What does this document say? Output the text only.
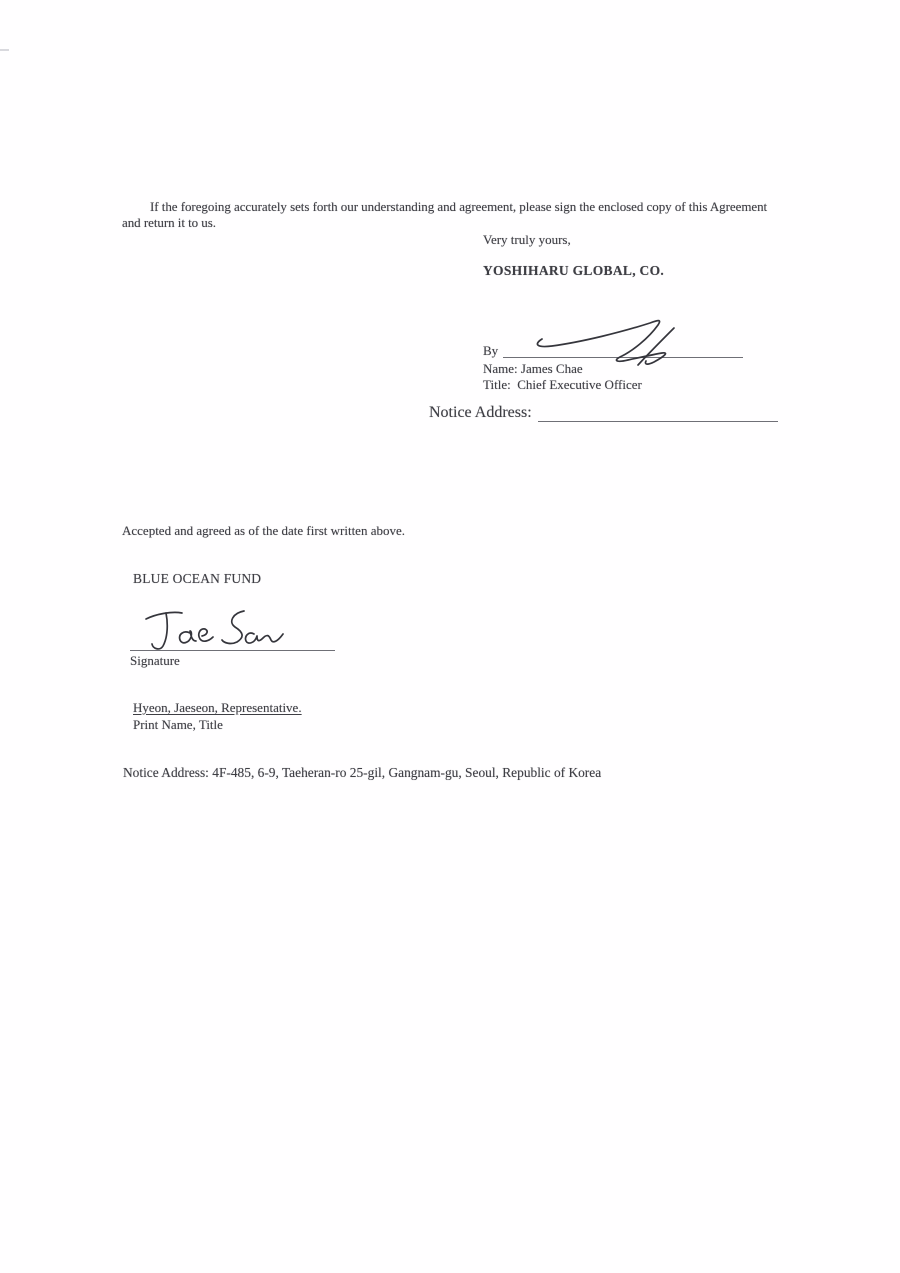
If the foregoing accurately sets forth our understanding and agreement, please sign the enclosed copy of this Agreement and return it to us.

Very truly yours,

YOSHIHARU GLOBAL, CO.

By

Name: James Chae

Title:  Chief Executive Officer

Notice Address:

Accepted and agreed as of the date first written above.

BLUE OCEAN FUND

Signature

Hyeon, Jaeseon, Representative.

Print Name, Title

Notice Address: 4F-485, 6-9, Taeheran-ro 25-gil, Gangnam-gu, Seoul, Republic of Korea
